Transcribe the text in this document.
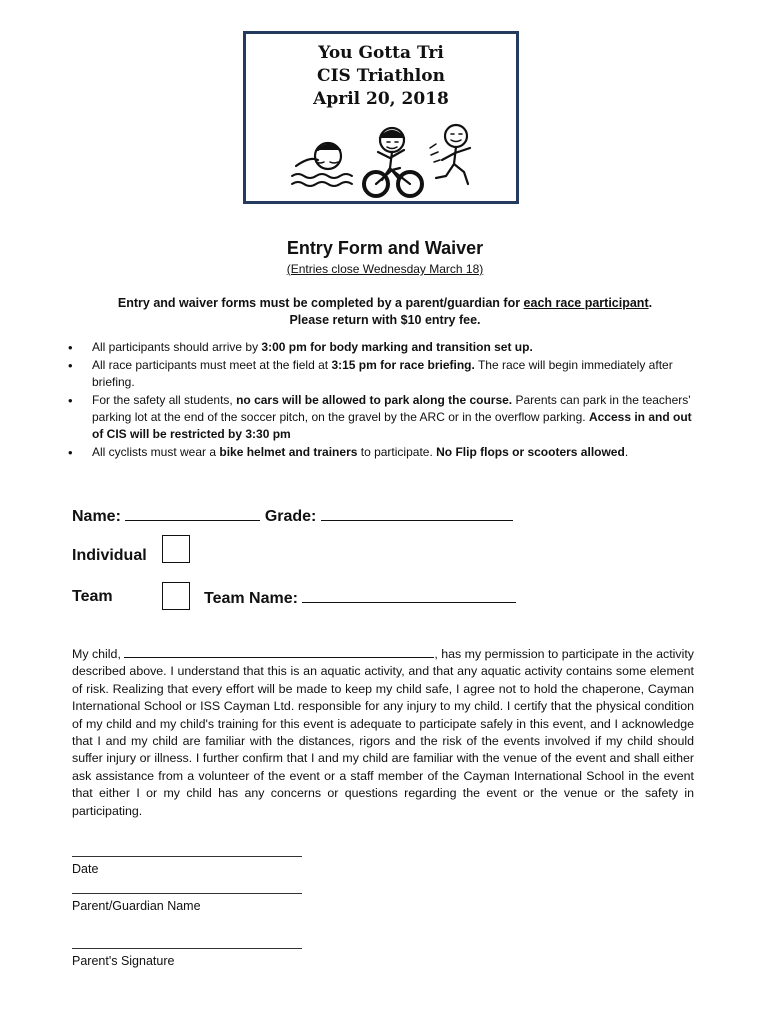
You Gotta Tri
CIS Triathlon
April 20, 2018
Entry Form and Waiver
(Entries close Wednesday March 18)
Entry and waiver forms must be completed by a parent/guardian for each race participant.
Please return with $10 entry fee.
• All participants should arrive by 3:00 pm for body marking and transition set up.
• All race participants must meet at the field at 3:15 pm for race briefing. The race will begin immediately after briefing.
• For the safety all students, no cars will be allowed to park along the course. Parents can park in the teachers' parking lot at the end of the soccer pitch, on the gravel by the ARC or in the overflow parking. Access in and out of CIS will be restricted by 3:30 pm
• All cyclists must wear a bike helmet and trainers to participate. No Flip flops or scooters allowed.
Name:	Grade:
Individual
Team	Team Name:

My child,	, has my permission to participate in the activity described above. I understand that this is an aquatic activity, and that any aquatic activity contains some element of risk. Realizing that every effort will be made to keep my child safe, I agree not to hold the chaperone, Cayman International School or ISS Cayman Ltd. responsible for any injury to my child. I certify that the physical condition of my child and my child's training for this event is adequate to participate safely in this event, and I acknowledge that I and my child are familiar with the distances, rigors and the risk of the events involved if my child should suffer injury or illness. I further confirm that I and my child are familiar with the venue of the event and shall either ask assistance from a volunteer of the event or a staff member of the Cayman International School in the event that either I or my child has any concerns or questions regarding the event or the venue or the safety in participating.

Date
Parent/Guardian Name
Parent's Signature
